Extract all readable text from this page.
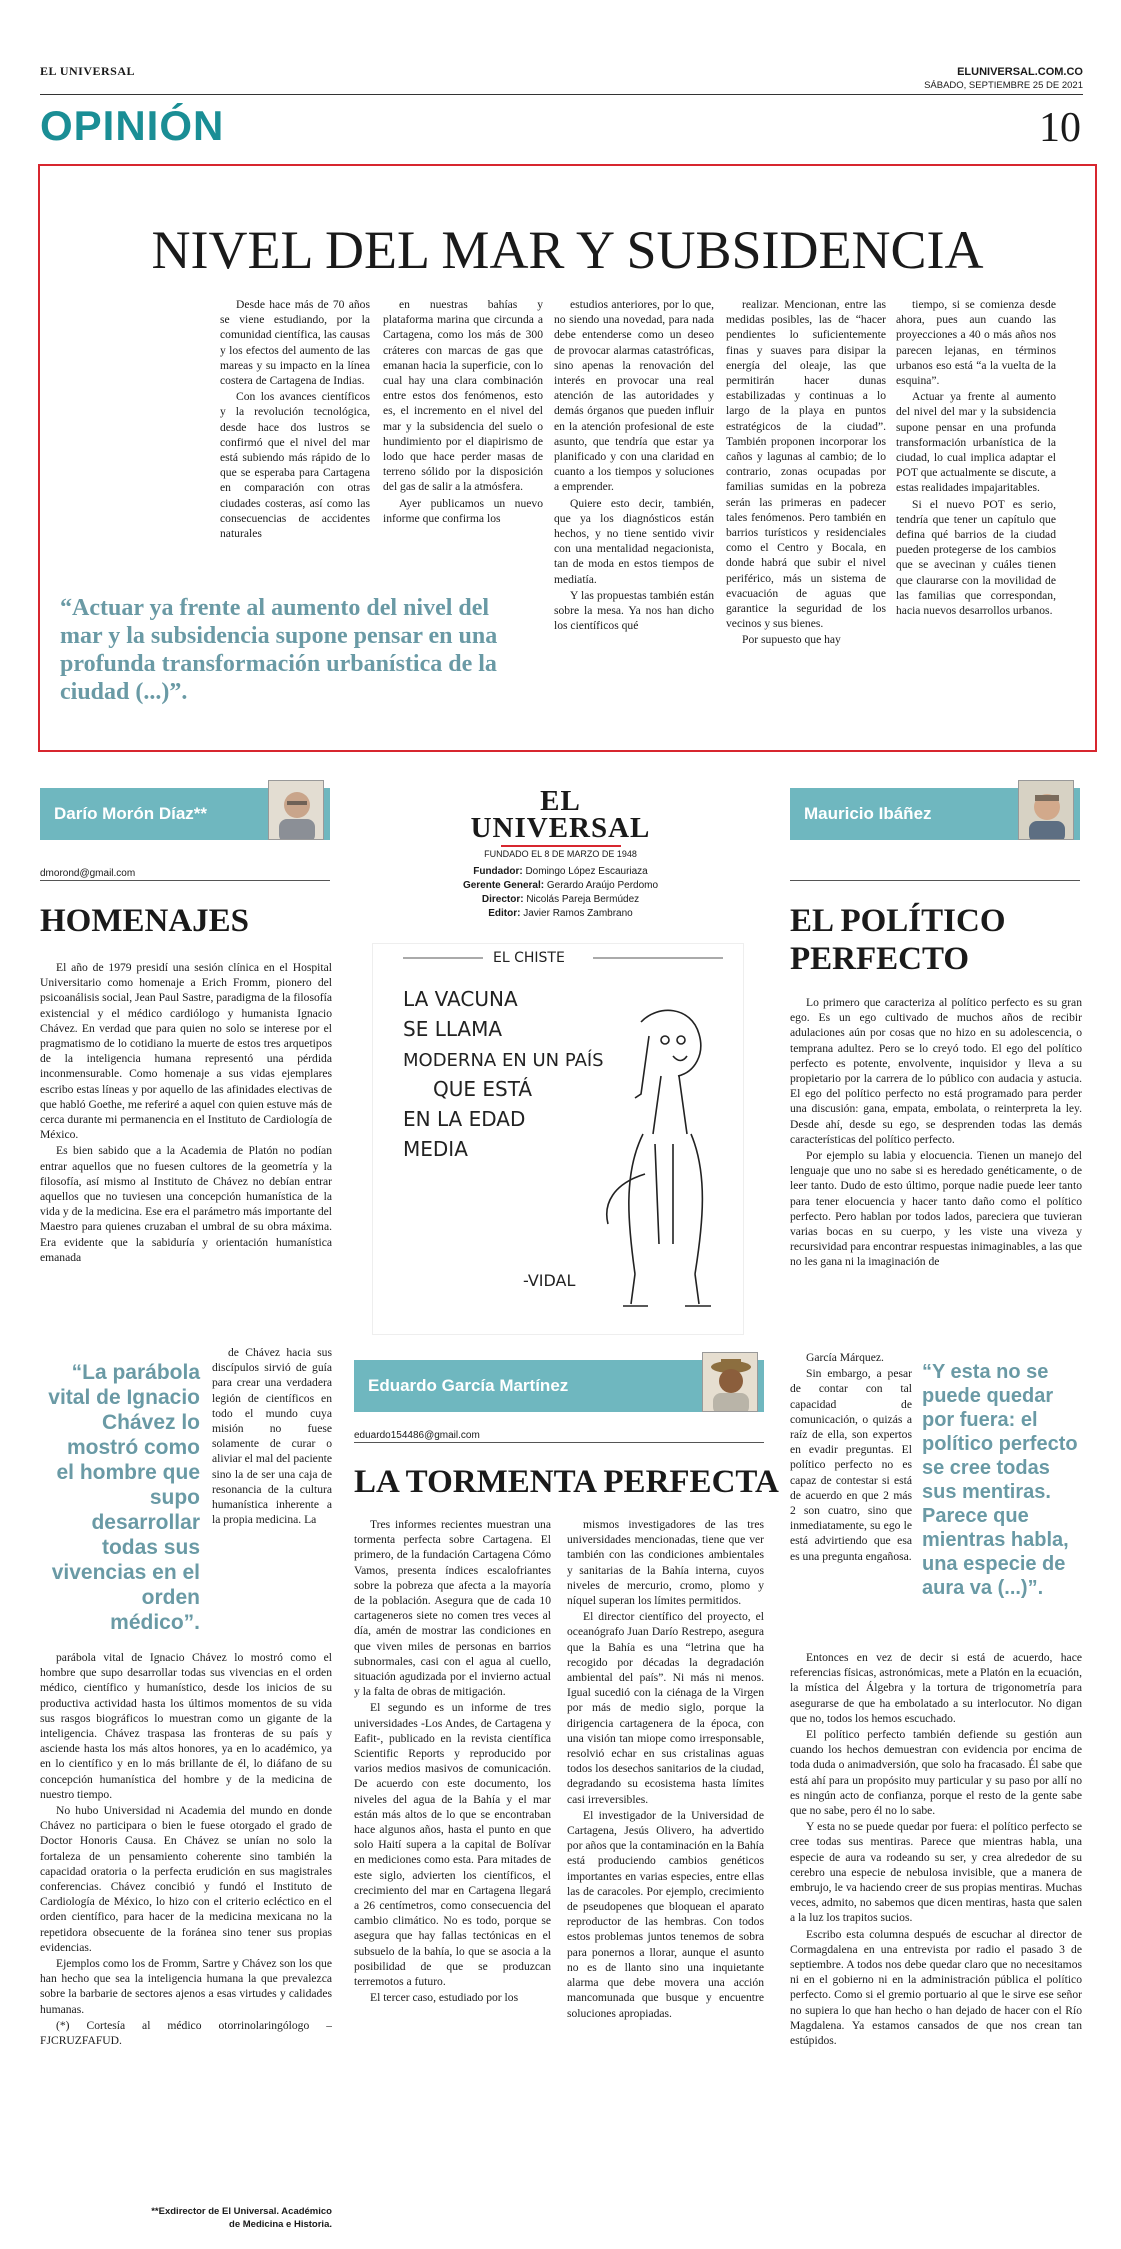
EL UNIVERSAL	ELUNIVERSAL.COM.CO
SÁBADO, SEPTIEMBRE 25 DE 2021
OPINIÓN	10
NIVEL DEL MAR Y SUBSIDENCIA

Desde hace más de 70 años se viene estudiando, por la comunidad científica, las causas y los efectos del aumento de las mareas y su impacto en la línea costera de Cartagena de Indias.

Con los avances científicos y la revolución tecnológica, desde hace dos lustros se confirmó que el nivel del mar está subiendo más rápido de lo que se esperaba para Cartagena en comparación con otras ciudades costeras, así como las consecuencias de accidentes naturales

en nuestras bahías y plataforma marina que circunda a Cartagena, como los más de 300 cráteres con marcas de gas que emanan hacia la superficie, con lo cual hay una clara combinación entre estos dos fenómenos, esto es, el incremento en el nivel del mar y la subsidencia del suelo o hundimiento por el diapirismo de lodo que hace perder masas de terreno sólido por la disposición del gas de salir a la atmósfera.

Ayer publicamos un nuevo informe que confirma los

estudios anteriores, por lo que, no siendo una novedad, para nada debe entenderse como un deseo de provocar alarmas catastróficas, sino apenas la renovación del interés en provocar una real atención de las autoridades y demás órganos que pueden influir en la atención profesional de este asunto, que tendría que estar ya planificado y con una claridad en cuanto a los tiempos y soluciones a emprender.

Quiere esto decir, también, que ya los diagnósticos están hechos, y no tiene sentido vivir con una mentalidad negacionista, tan de moda en estos tiempos de mediatía.

Y las propuestas también están sobre la mesa. Ya nos han dicho los científicos qué

realizar. Mencionan, entre las medidas posibles, las de “hacer pendientes lo suficientemente finas y suaves para disipar la energía del oleaje, las que permitirán hacer dunas estabilizadas y continuas a lo largo de la playa en puntos estratégicos de la ciudad”. También proponen incorporar los caños y lagunas al cambio; de lo contrario, zonas ocupadas por familias sumidas en la pobreza serán las primeras en padecer tales fenómenos. Pero también en barrios turísticos y residenciales como el Centro y Bocala, en donde habrá que subir el nivel periférico, más un sistema de evacuación de aguas que garantice la seguridad de los vecinos y sus bienes.

Por supuesto que hay

tiempo, si se comienza desde ahora, pues aun cuando las proyecciones a 40 o más años nos parecen lejanas, en términos urbanos eso está “a la vuelta de la esquina”.

Actuar ya frente al aumento del nivel del mar y la subsidencia supone pensar en una profunda transformación urbanística de la ciudad, lo cual implica adaptar el POT que actualmente se discute, a estas realidades impajaritables.

Si el nuevo POT es serio, tendría que tener un capítulo que defina qué barrios de la ciudad pueden protegerse de los cambios que se avecinan y cuáles tienen que claurarse con la movilidad de las familias que correspondan, hacia nuevos desarrollos urbanos.

“Actuar ya frente al aumento del nivel del mar y la subsidencia supone pensar en una profunda transformación urbanística de la ciudad (...)”.
Darío Morón Díaz**
dmorond@gmail.com
HOMENAJES

El año de 1979 presidí una sesión clínica en el Hospital Universitario como homenaje a Erich Fromm, pionero del psicoanálisis social, Jean Paul Sastre, paradigma de la filosofía existencial y el médico cardiólogo y humanista Ignacio Chávez. En verdad que para quien no solo se interese por el pragmatismo de lo cotidiano la muerte de estos tres arquetipos de la inteligencia humana representó una pérdida inconmensurable. Como homenaje a sus vidas ejemplares escribo estas líneas y por aquello de las afinidades electivas de que habló Goethe, me referiré a aquel con quien estuve más de cerca durante mi permanencia en el Instituto de Cardiología de México.

Es bien sabido que a la Academia de Platón no podían entrar aquellos que no fuesen cultores de la geometría y la filosofía, así mismo al Instituto de Chávez no debían entrar aquellos que no tuviesen una concepción humanística de la vida y de la medicina. Ese era el parámetro más importante del Maestro para quienes cruzaban el umbral de su obra máxima. Era evidente que la sabiduría y orientación humanística emanada

“La parábola vital de Ignacio Chávez lo mostró como el hombre que supo desarrollar todas sus vivencias en el orden médico”.

de Chávez hacia sus discípulos sirvió de guía para crear una verdadera legión de científicos en todo el mundo cuya misión no fuese solamente de curar o aliviar el mal del paciente sino la de ser una caja de resonancia de la cultura humanística inherente a la propia medicina. La

parábola vital de Ignacio Chávez lo mostró como el hombre que supo desarrollar todas sus vivencias en el orden médico, científico y humanístico, desde los inicios de su productiva actividad hasta los últimos momentos de su vida sus rasgos biográficos lo muestran como un gigante de la inteligencia. Chávez traspasa las fronteras de su país y asciende hasta los más altos honores, ya en lo académico, ya en lo científico y en lo más brillante de él, lo diáfano de su concepción humanística del hombre y de la medicina de nuestro tiempo.

No hubo Universidad ni Academia del mundo en donde Chávez no participara o bien le fuese otorgado el grado de Doctor Honoris Causa. En Chávez se unían no solo la fortaleza de un pensamiento coherente sino también la capacidad oratoria o la perfecta erudición en sus magistrales conferencias. Chávez concibió y fundó el Instituto de Cardiología de México, lo hizo con el criterio ecléctico en el orden científico, para hacer de la medicina mexicana no la repetidora obsecuente de la foránea sino tener sus propias evidencias.

Ejemplos como los de Fromm, Sartre y Chávez son los que han hecho que sea la inteligencia humana la que prevalezca sobre la barbarie de sectores ajenos a esas virtudes y calidades humanas.

(*) Cortesía al médico otorrinolaringólogo – FJCRUZFAFUD.

**Exdirector de El Universal. Académico de Medicina e Historia.
EL
UNIVERSAL
FUNDADO EL 8 DE MARZO DE 1948
Fundador: Domingo López Escauriaza
Gerente General: Gerardo Araújo Perdomo
Director: Nicolás Pareja Bermúdez
Editor: Javier Ramos Zambrano
EL CHISTE
LA VACUNA
SE LLAMA
MODERNA EN UN PAÍS
QUE ESTÁ
EN LA EDAD
MEDIA
-VIDAL
Eduardo García Martínez
eduardo154486@gmail.com
LA TORMENTA PERFECTA

Tres informes recientes muestran una tormenta perfecta sobre Cartagena. El primero, de la fundación Cartagena Cómo Vamos, presenta índices escalofriantes sobre la pobreza que afecta a la mayoría de la población. Asegura que de cada 10 cartageneros siete no comen tres veces al día, amén de mostrar las condiciones en que viven miles de personas en barrios subnormales, casi con el agua al cuello, situación agudizada por el invierno actual y la falta de obras de mitigación.

El segundo es un informe de tres universidades -Los Andes, de Cartagena y Eafit-, publicado en la revista científica Scientific Reports y reproducido por varios medios masivos de comunicación. De acuerdo con este documento, los niveles del agua de la Bahía y el mar están más altos de lo que se encontraban hace algunos años, hasta el punto en que solo Haití supera a la capital de Bolívar en mediciones como esta. Para mitades de este siglo, advierten los científicos, el crecimiento del mar en Cartagena llegará a 26 centímetros, como consecuencia del cambio climático. No es todo, porque se asegura que hay fallas tectónicas en el subsuelo de la bahía, lo que se asocia a la posibilidad de que se produzcan terremotos a futuro.

El tercer caso, estudiado por los

mismos investigadores de las tres universidades mencionadas, tiene que ver también con las condiciones ambientales y sanitarias de la Bahía interna, cuyos niveles de mercurio, cromo, plomo y níquel superan los límites permitidos.

El director científico del proyecto, el oceanógrafo Juan Darío Restrepo, asegura que la Bahía es una “letrina que ha recogido por décadas la degradación ambiental del país”. Ni más ni menos. Igual sucedió con la ciénaga de la Virgen por más de medio siglo, porque la dirigencia cartagenera de la época, con una visión tan miope como irresponsable, resolvió echar en sus cristalinas aguas todos los desechos sanitarios de la ciudad, degradando su ecosistema hasta límites casi irreversibles.

El investigador de la Universidad de Cartagena, Jesús Olivero, ha advertido por años que la contaminación en la Bahía está produciendo cambios genéticos importantes en varias especies, entre ellas las de caracoles. Por ejemplo, crecimiento de pseudopenes que bloquean el aparato reproductor de las hembras. Con todos estos problemas juntos tenemos de sobra para ponernos a llorar, aunque el asunto no es de llanto sino una inquietante alarma que debe movera una acción mancomunada que busque y encuentre soluciones apropiadas.

Mauricio Ibáñez
EL POLÍTICO PERFECTO

Lo primero que caracteriza al político perfecto es su gran ego. Es un ego cultivado de muchos años de recibir adulaciones aún por cosas que no hizo en su adolescencia, o temprana adultez. Pero se lo creyó todo. El ego del político perfecto es potente, envolvente, inquisidor y lleva a su propietario por la carrera de lo público con audacia y astucia. El ego del político perfecto no está programado para perder una discusión: gana, empata, embolata, o reinterpreta la ley. Desde ahí, desde su ego, se desprenden todas las demás características del político perfecto.

Por ejemplo su labia y elocuencia. Tienen un manejo del lenguaje que uno no sabe si es heredado genéticamente, o de leer tanto. Dudo de esto último, porque nadie puede leer tanto para tener elocuencia y hacer tanto daño como el político perfecto. Pero hablan por todos lados, pareciera que tuvieran varias bocas en su cuerpo, y les viste una viveza y recursividad para encontrar respuestas inimaginables, a las que no les gana ni la imaginación de

García Márquez.

Sin embargo, a pesar de contar con tal capacidad de comunicación, o quizás a raíz de ella, son expertos en evadir preguntas. El político perfecto no es capaz de contestar si está de acuerdo en que 2 más 2 son cuatro, sino que inmediatamente, su ego le está advirtiendo que esa es una pregunta engañosa.

“Y esta no se puede quedar por fuera: el político perfecto se cree todas sus mentiras. Parece que mientras habla, una especie de aura va (...)”.

Entonces en vez de decir si está de acuerdo, hace referencias físicas, astronómicas, mete a Platón en la ecuación, la mística del Álgebra y la tortura de trigonometría para asegurarse de que ha embolatado a su interlocutor. No digan que no, todos los hemos escuchado.

El político perfecto también defiende su gestión aun cuando los hechos demuestran con evidencia por encima de toda duda o animadversión, que solo ha fracasado. Él sabe que está ahí para un propósito muy particular y su paso por allí no es ningún acto de confianza, porque el resto de la gente sabe que no sabe, pero él no lo sabe.

Y esta no se puede quedar por fuera: el político perfecto se cree todas sus mentiras. Parece que mientras habla, una especie de aura va rodeando su ser, y crea alrededor de su cerebro una especie de nebulosa invisible, que a manera de embrujo, le va haciendo creer de sus propias mentiras. Muchas veces, admito, no sabemos que dicen mentiras, hasta que salen a la luz los trapitos sucios.

Escribo esta columna después de escuchar al director de Cormagdalena en una entrevista por radio el pasado 3 de septiembre. A todos nos debe quedar claro que no necesitamos ni en el gobierno ni en la administración pública el político perfecto. Como si el gremio portuario al que le sirve ese señor no supiera lo que han hecho o han dejado de hacer con el Río Magdalena. Ya estamos cansados de que nos crean tan estúpidos.
